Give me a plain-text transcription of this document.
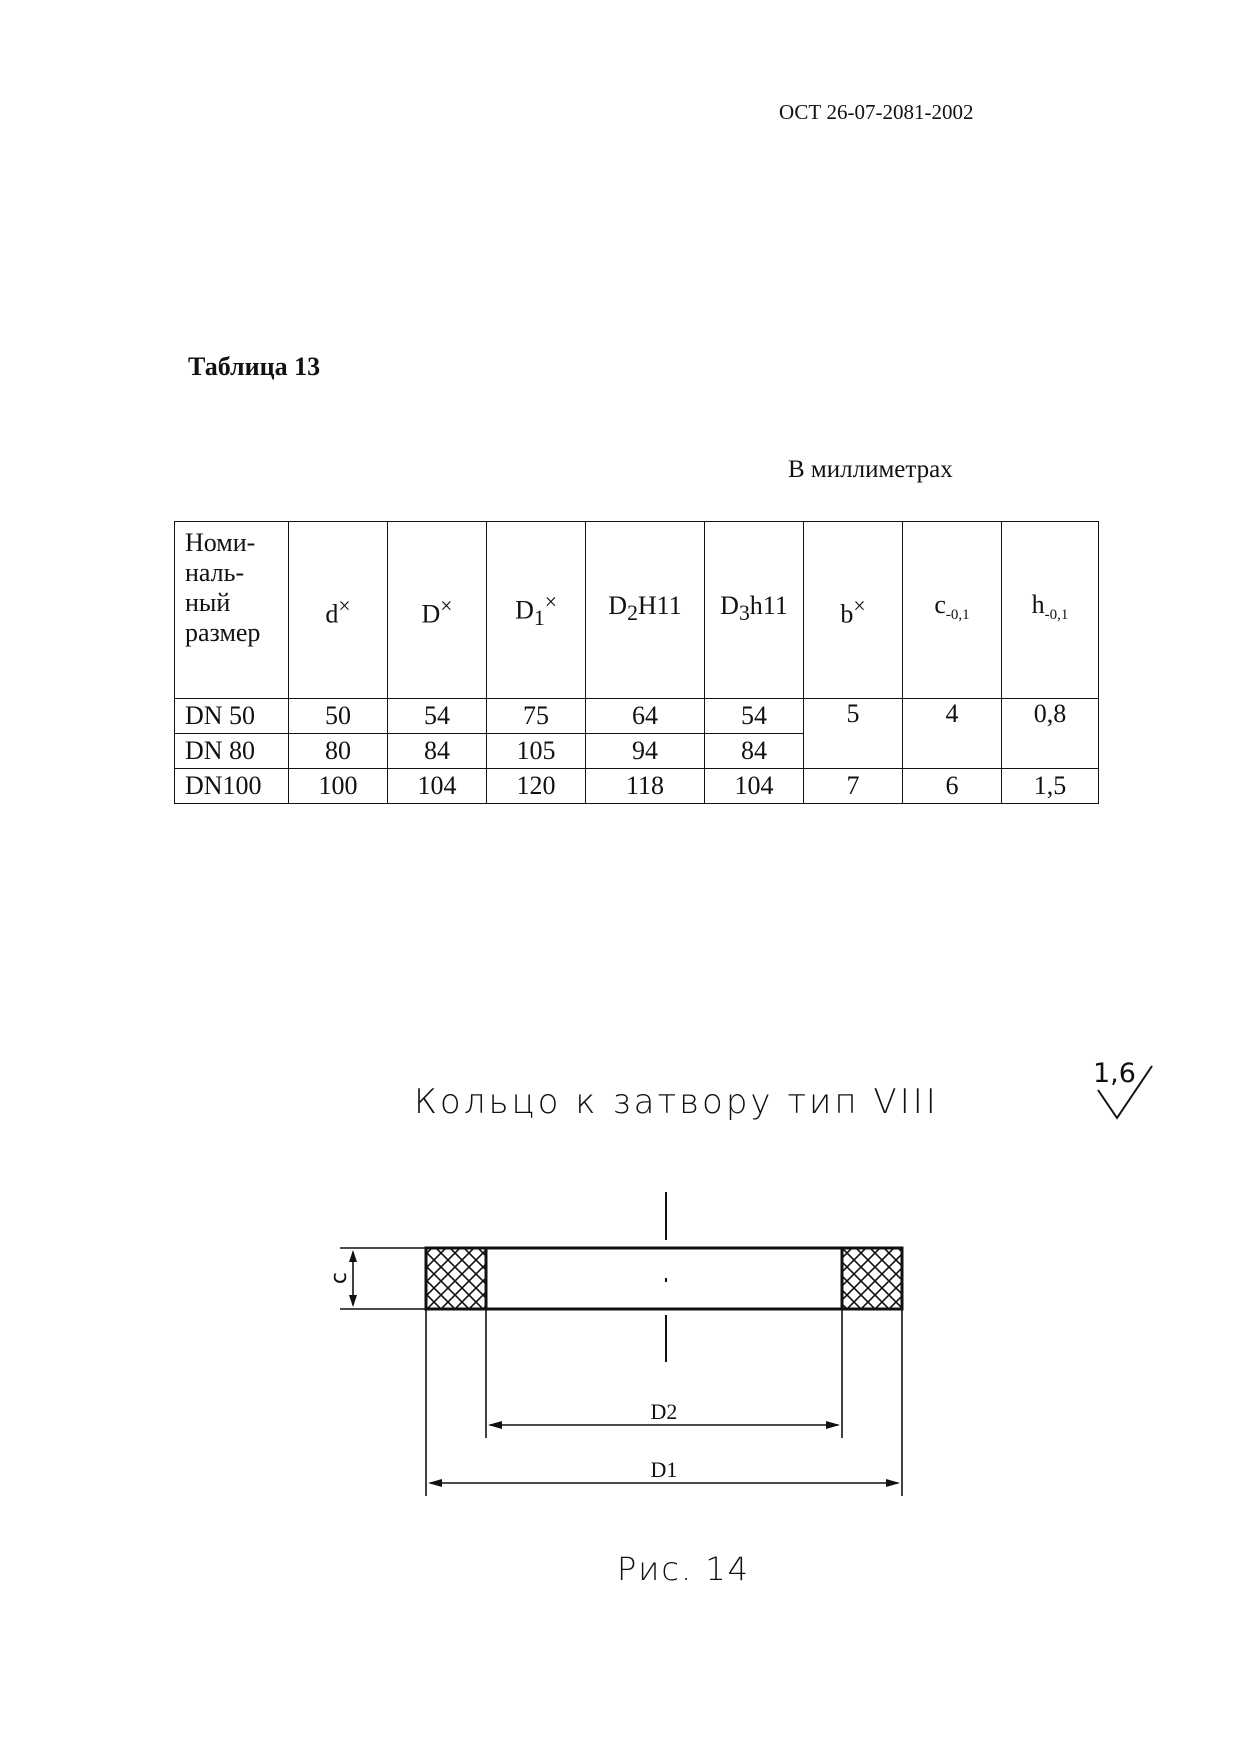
ОСТ 26-07-2081-2002
Таблица 13
В миллиметрах
Номи-
наль-
ный
размер	d×	D×	$D_1^\times$	$D_2H11$	$D_3h11$	b×	$c_{-0,1}$	$h_{-0,1}$
DN 50	50	54	75	64	54	5	4	0,8
DN 80	80	84	105	94	84			
DN100	100	104	120	118	104	7	6	1,5
Кольцо к затвору тип VIII
1,6
c
D2
D1
Рис. 14
